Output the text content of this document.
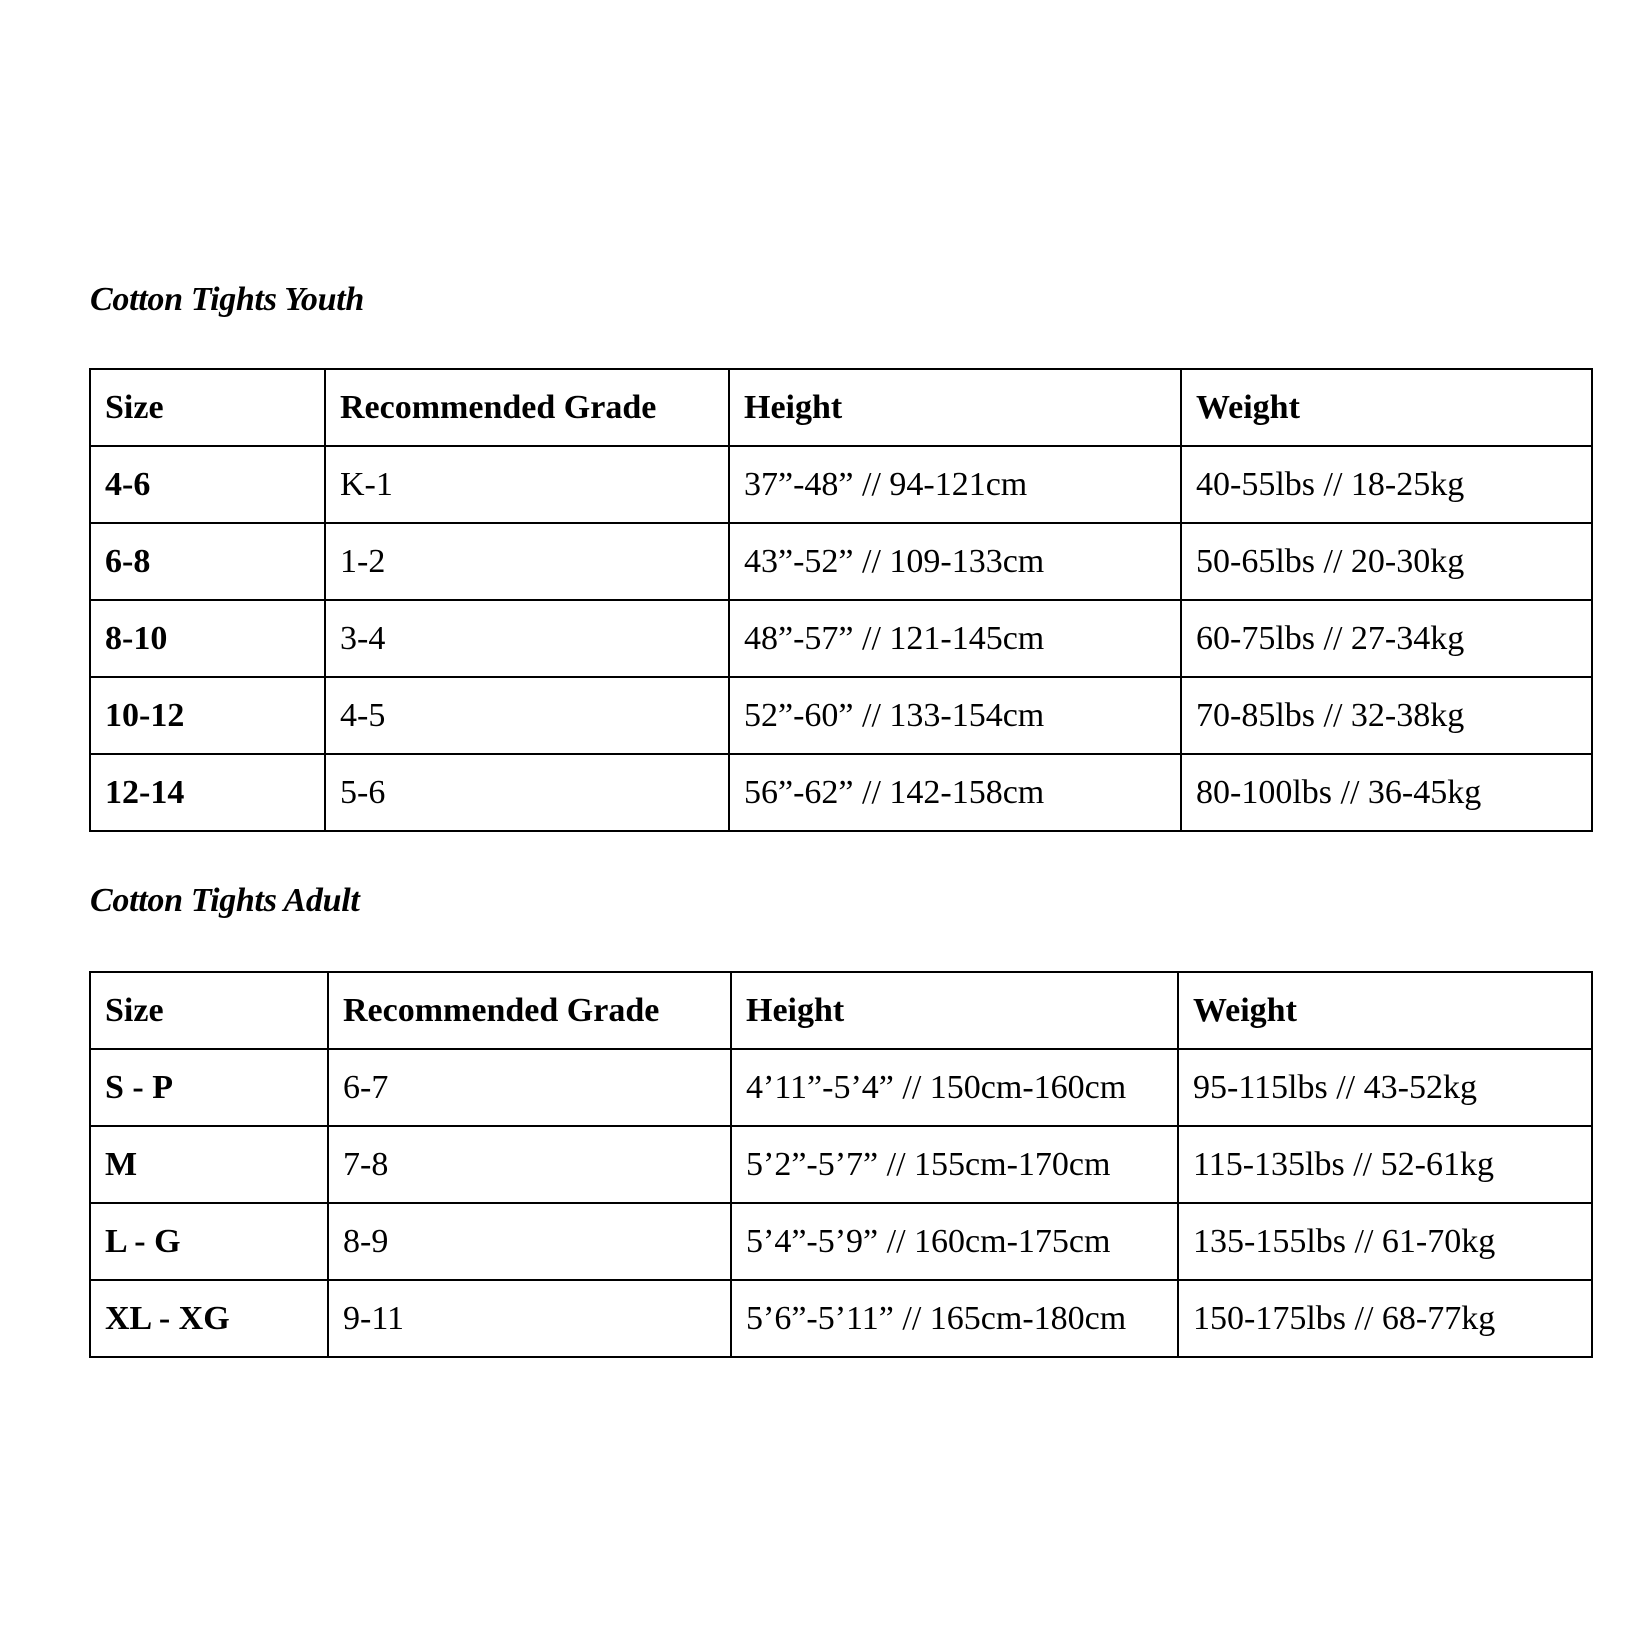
Cotton Tights Youth
Size	Recommended Grade	Height	Weight
4-6	K-1	37”-48” // 94-121cm	40-55lbs // 18-25kg
6-8	1-2	43”-52” // 109-133cm	50-65lbs // 20-30kg
8-10	3-4	48”-57” // 121-145cm	60-75lbs // 27-34kg
10-12	4-5	52”-60” // 133-154cm	70-85lbs // 32-38kg
12-14	5-6	56”-62” // 142-158cm	80-100lbs // 36-45kg
Cotton Tights Adult
Size	Recommended Grade	Height	Weight
S - P	6-7	4’11”-5’4” // 150cm-160cm	95-115lbs // 43-52kg
M	7-8	5’2”-5’7” // 155cm-170cm	115-135lbs // 52-61kg
L - G	8-9	5’4”-5’9” // 160cm-175cm	135-155lbs // 61-70kg
XL - XG	9-11	5’6”-5’11” // 165cm-180cm	150-175lbs // 68-77kg
